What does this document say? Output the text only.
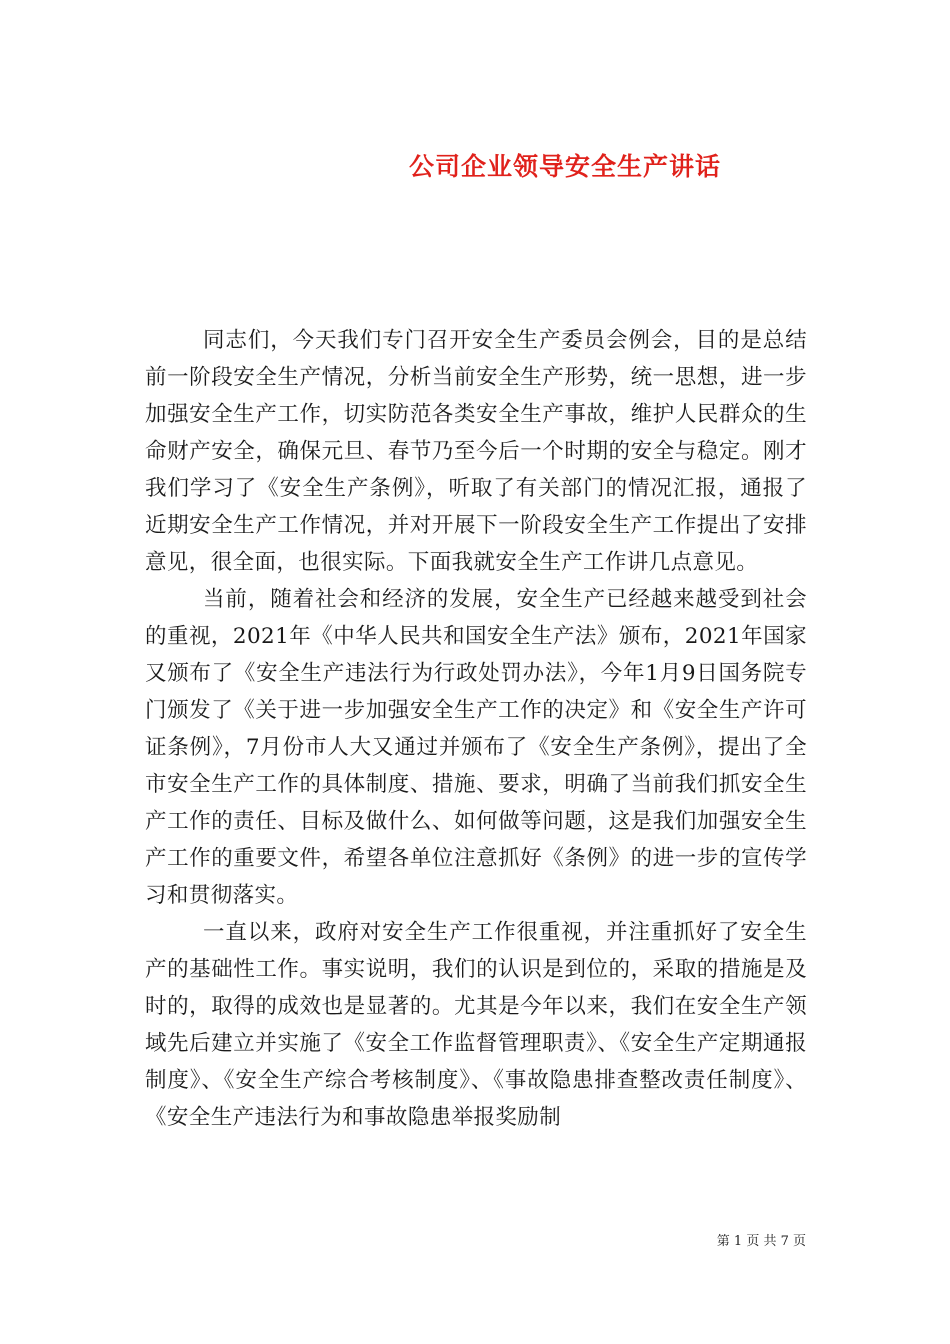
公司企业领导安全生产讲话

同志们，今天我们专门召开安全生产委员会例会，目的是总结前一阶段安全生产情况，分析当前安全生产形势，统一思想，进一步加强安全生产工作，切实防范各类安全生产事故，维护人民群众的生命财产安全，确保元旦、春节乃至今后一个时期的安全与稳定。刚才我们学习了《安全生产条例》，听取了有关部门的情况汇报，通报了近期安全生产工作情况，并对开展下一阶段安全生产工作提出了安排意见，很全面，也很实际。下面我就安全生产工作讲几点意见。

当前，随着社会和经济的发展，安全生产已经越来越受到社会的重视，2021年《中华人民共和国安全生产法》颁布，2021年国家又颁布了《安全生产违法行为行政处罚办法》，今年1月9日国务院专门颁发了《关于进一步加强安全生产工作的决定》和《安全生产许可证条例》，7月份市人大又通过并颁布了《安全生产条例》，提出了全市安全生产工作的具体制度、措施、要求，明确了当前我们抓安全生产工作的责任、目标及做什么、如何做等问题，这是我们加强安全生产工作的重要文件，希望各单位注意抓好《条例》的进一步的宣传学习和贯彻落实。

一直以来，政府对安全生产工作很重视，并注重抓好了安全生产的基础性工作。事实说明，我们的认识是到位的，采取的措施是及时的，取得的成效也是显著的。尤其是今年以来，我们在安全生产领域先后建立并实施了《安全工作监督管理职责》、《安全生产定期通报制度》、《安全生产综合考核制度》、《事故隐患排查整改责任制度》、《安全生产违法行为和事故隐患举报奖励制

第 1 页 共 7 页
